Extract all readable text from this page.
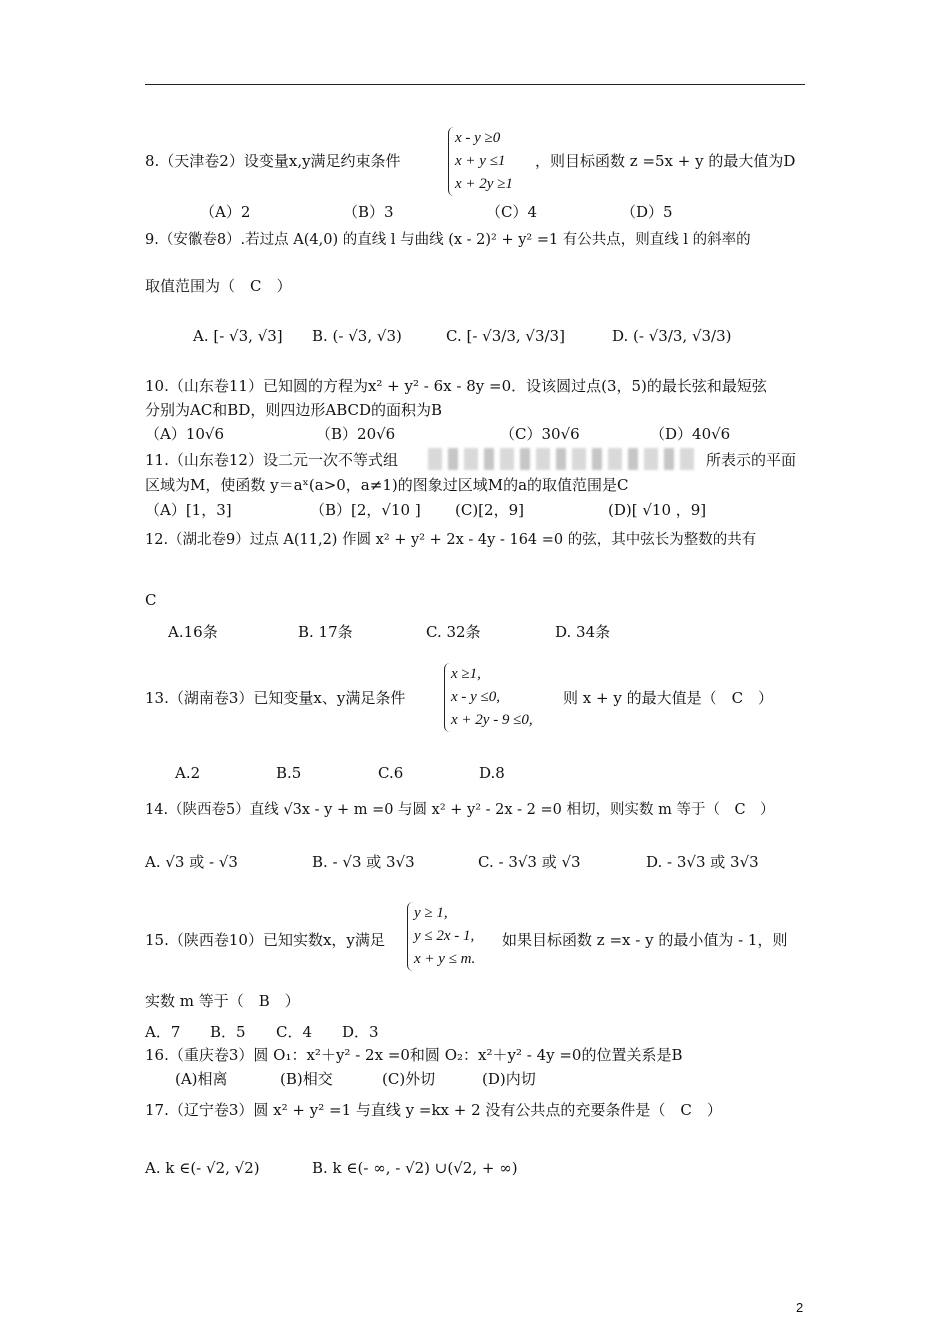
8.（天津卷2）设变量x,y满足约束条件
x - y ≥0
x + y ≤1
x + 2y ≥1
，则目标函数 z =5x + y 的最大值为D
（A）2	（B）3	（C）4	（D）5
9.（安徽卷8）.若过点 A(4,0) 的直线 l 与曲线 (x - 2)² + y² =1 有公共点，则直线 l 的斜率的
取值范围为（　C　）
A. [- √3, √3] B. (- √3, √3)	C. [- √3/3, √3/3]	D. (- √3/3, √3/3)
10.（山东卷11）已知圆的方程为x² + y² - 6x - 8y =0．设该圆过点(3，5)的最长弦和最短弦
分别为AC和BD，则四边形ABCD的面积为B
（A）10√6	（B）20√6	（C）30√6	（D）40√6
11.（山东卷12）设二元一次不等式组	所表示的平面
区域为M，使函数 y＝aˣ(a>0，a≠1)的图象过区域M的a的取值范围是C
（A）[1，3]	（B）[2，√10 ] (C)[2，9]	(D)[ √10 ，9]
12.（湖北卷9）过点 A(11,2) 作圆 x² + y² + 2x - 4y - 164 =0 的弦，其中弦长为整数的共有
C
A.16条	B. 17条	C. 32条	D. 34条
13.（湖南卷3）已知变量x、y满足条件
x ≥1,
x - y ≤0,
x + 2y - 9 ≤0,
则 x + y 的最大值是（　C　）
A.2	B.5	C.6	D.8
14.（陕西卷5）直线 √3x - y + m =0 与圆 x² + y² - 2x - 2 =0 相切，则实数 m 等于（　C　）
A. √3 或 - √3	B. - √3 或 3√3	C. - 3√3 或 √3	D. - 3√3 或 3√3
15.（陕西卷10）已知实数x，y满足
y ≥ 1,
y ≤ 2x - 1,
x + y ≤ m.
如果目标函数 z =x - y 的最小值为 - 1，则
实数 m 等于（　B　）
A．7 B．5 C．4 D．3
16.（重庆卷3）圆 O₁：x²＋y² - 2x =0和圆 O₂：x²＋y² - 4y =0的位置关系是B
(A)相离	(B)相交	(C)外切	(D)内切
17.（辽宁卷3）圆 x² + y² =1 与直线 y =kx + 2 没有公共点的充要条件是（　C　）
A. k ∈(- √2, √2)	B. k ∈(- ∞, - √2) ∪(√2, + ∞)
2
